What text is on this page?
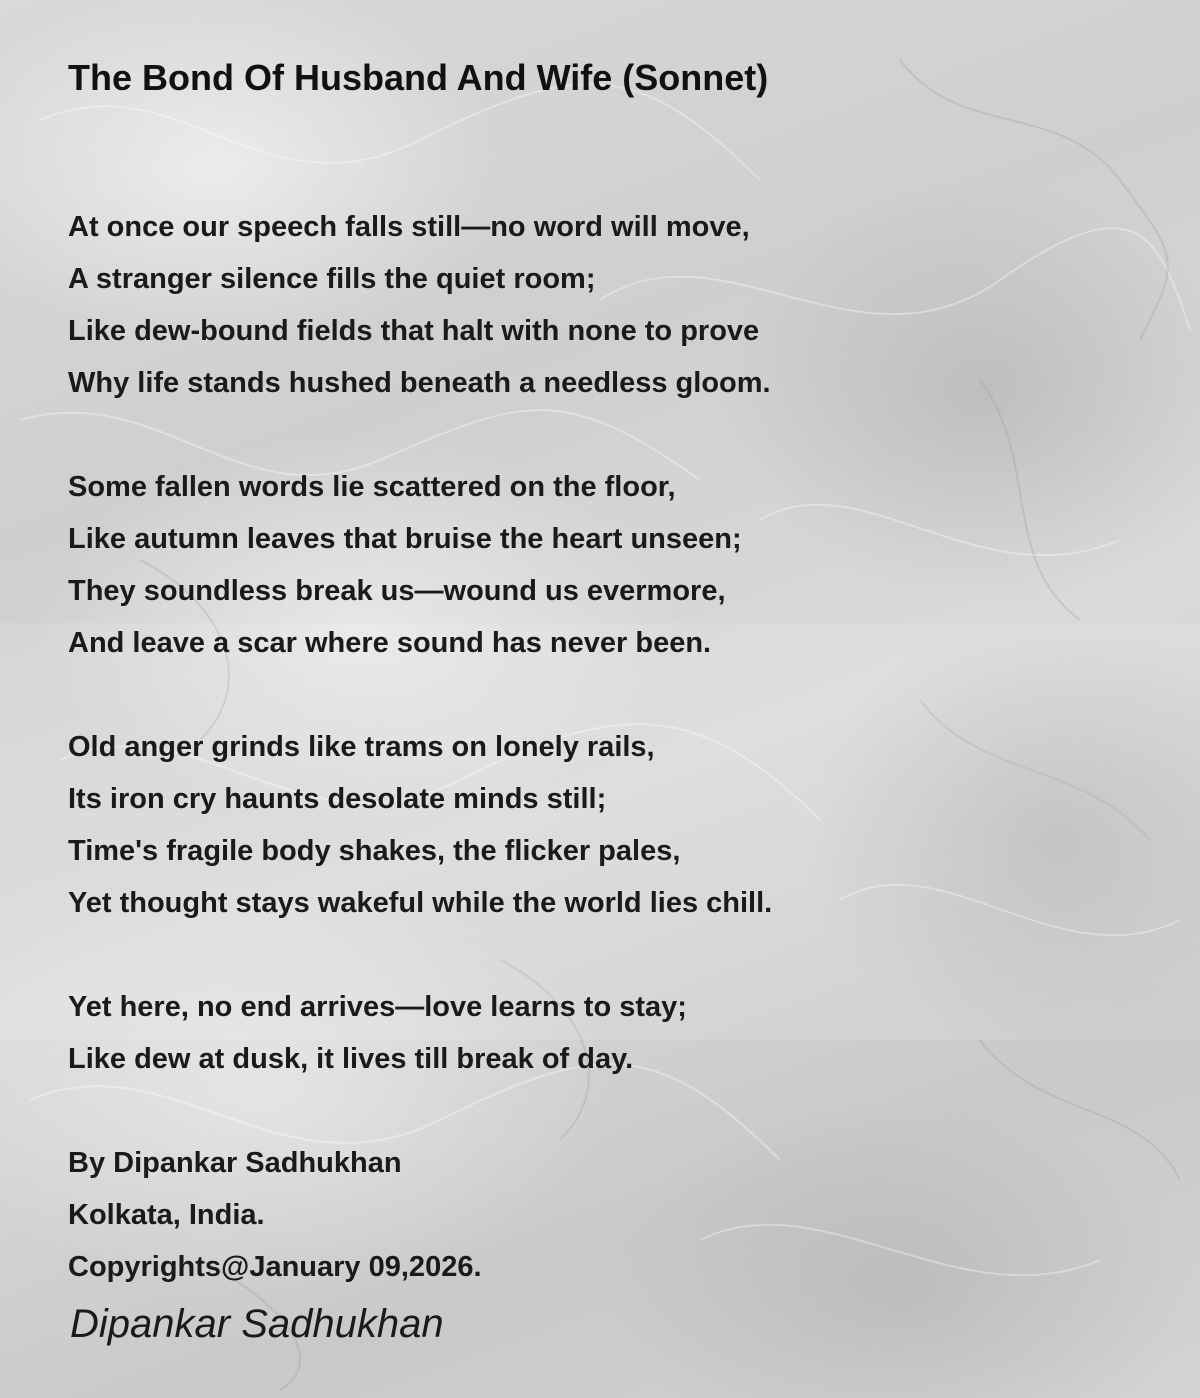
The Bond Of Husband And Wife (Sonnet)
At once our speech falls still—no word will move,
A stranger silence fills the quiet room;
Like dew-bound fields that halt with none to prove
Why life stands hushed beneath a needless gloom.
Some fallen words lie scattered on the floor,
Like autumn leaves that bruise the heart unseen;
They soundless break us—wound us evermore,
And leave a scar where sound has never been.
Old anger grinds like trams on lonely rails,
Its iron cry haunts desolate minds still;
Time's fragile body shakes, the flicker pales,
Yet thought stays wakeful while the world lies chill.
Yet here, no end arrives—love learns to stay;
Like dew at dusk, it lives till break of day.
By Dipankar Sadhukhan
Kolkata, India.
Copyrights@January 09,2026.
Dipankar Sadhukhan
